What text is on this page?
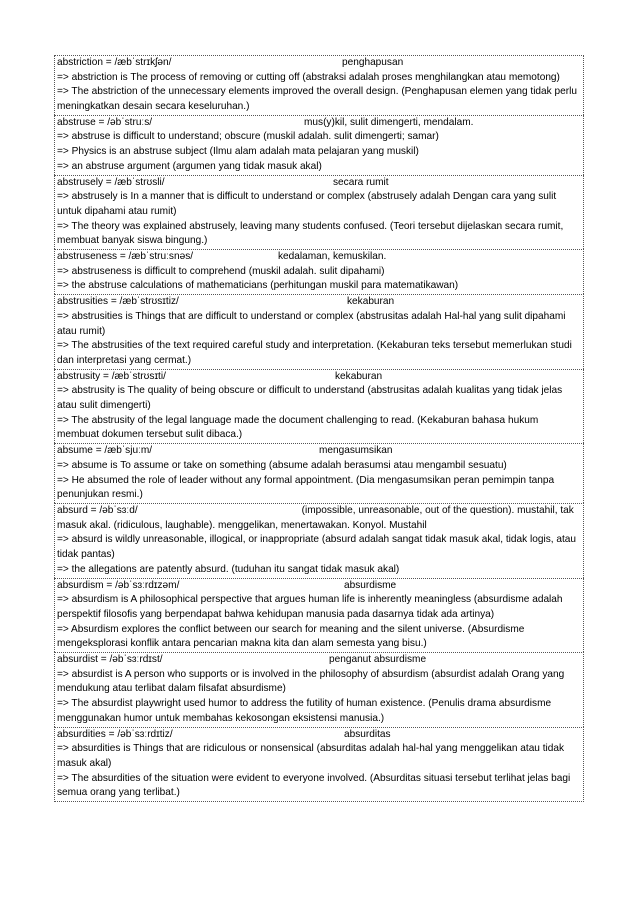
abstriction = /æbˈstrɪkʃən/	penghapusan
=> abstriction is The process of removing or cutting off (abstraksi adalah proses menghilangkan atau memotong)
=> The abstriction of the unnecessary elements improved the overall design. (Penghapusan elemen yang tidak perlu meningkatkan desain secara keseluruhan.)
abstruse = /əbˈstruːs/	mus(y)kil, sulit dimengerti, mendalam.
=> abstruse is difficult to understand; obscure (muskil adalah. sulit dimengerti; samar)
=> Physics is an abstruse subject (Ilmu alam adalah mata pelajaran yang muskil)
=> an abstruse argument (argumen yang tidak masuk akal)
abstrusely = /æbˈstrʊsli/	secara rumit
=> abstrusely is In a manner that is difficult to understand or complex (abstrusely adalah Dengan cara yang sulit untuk dipahami atau rumit)
=> The theory was explained abstrusely, leaving many students confused. (Teori tersebut dijelaskan secara rumit, membuat banyak siswa bingung.)
abstruseness = /æbˈstruːsnəs/	kedalaman, kemuskilan.
=> abstruseness is difficult to comprehend (muskil adalah. sulit dipahami)
=> the abstruse calculations of mathematicians (perhitungan muskil para matematikawan)
abstrusities = /æbˈstrʊsɪtiz/	kekaburan
=> abstrusities is Things that are difficult to understand or complex (abstrusitas adalah Hal-hal yang sulit dipahami atau rumit)
=> The abstrusities of the text required careful study and interpretation. (Kekaburan teks tersebut memerlukan studi dan interpretasi yang cermat.)
abstrusity = /æbˈstrʊsɪti/	kekaburan
=> abstrusity is The quality of being obscure or difficult to understand (abstrusitas adalah kualitas yang tidak jelas atau sulit dimengerti)
=> The abstrusity of the legal language made the document challenging to read. (Kekaburan bahasa hukum membuat dokumen tersebut sulit dibaca.)
absume = /æbˈsjuːm/	mengasumsikan
=> absume is To assume or take on something (absume adalah berasumsi atau mengambil sesuatu)
=> He absumed the role of leader without any formal appointment. (Dia mengasumsikan peran pemimpin tanpa penunjukan resmi.)
absurd = /əbˈsɜːd/	(impossible, unreasonable, out of the question). mustahil, tak masuk akal. (ridiculous, laughable). menggelikan, menertawakan. Konyol. Mustahil
=> absurd is wildly unreasonable, illogical, or inappropriate (absurd adalah sangat tidak masuk akal, tidak logis, atau tidak pantas)
=> the allegations are patently absurd. (tuduhan itu sangat tidak masuk akal)
absurdism = /əbˈsɜːrdɪzəm/	absurdisme
=> absurdism is A philosophical perspective that argues human life is inherently meaningless (absurdisme adalah perspektif filosofis yang berpendapat bahwa kehidupan manusia pada dasarnya tidak ada artinya)
=> Absurdism explores the conflict between our search for meaning and the silent universe. (Absurdisme mengeksplorasi konflik antara pencarian makna kita dan alam semesta yang bisu.)
absurdist = /əbˈsɜːrdɪst/	penganut absurdisme
=> absurdist is A person who supports or is involved in the philosophy of absurdism (absurdist adalah Orang yang mendukung atau terlibat dalam filsafat absurdisme)
=> The absurdist playwright used humor to address the futility of human existence. (Penulis drama absurdisme menggunakan humor untuk membahas kekosongan eksistensi manusia.)
absurdities = /əbˈsɜːrdɪtiz/	absurditas
=> absurdities is Things that are ridiculous or nonsensical (absurditas adalah hal-hal yang menggelikan atau tidak masuk akal)
=> The absurdities of the situation were evident to everyone involved. (Absurditas situasi tersebut terlihat jelas bagi semua orang yang terlibat.)
